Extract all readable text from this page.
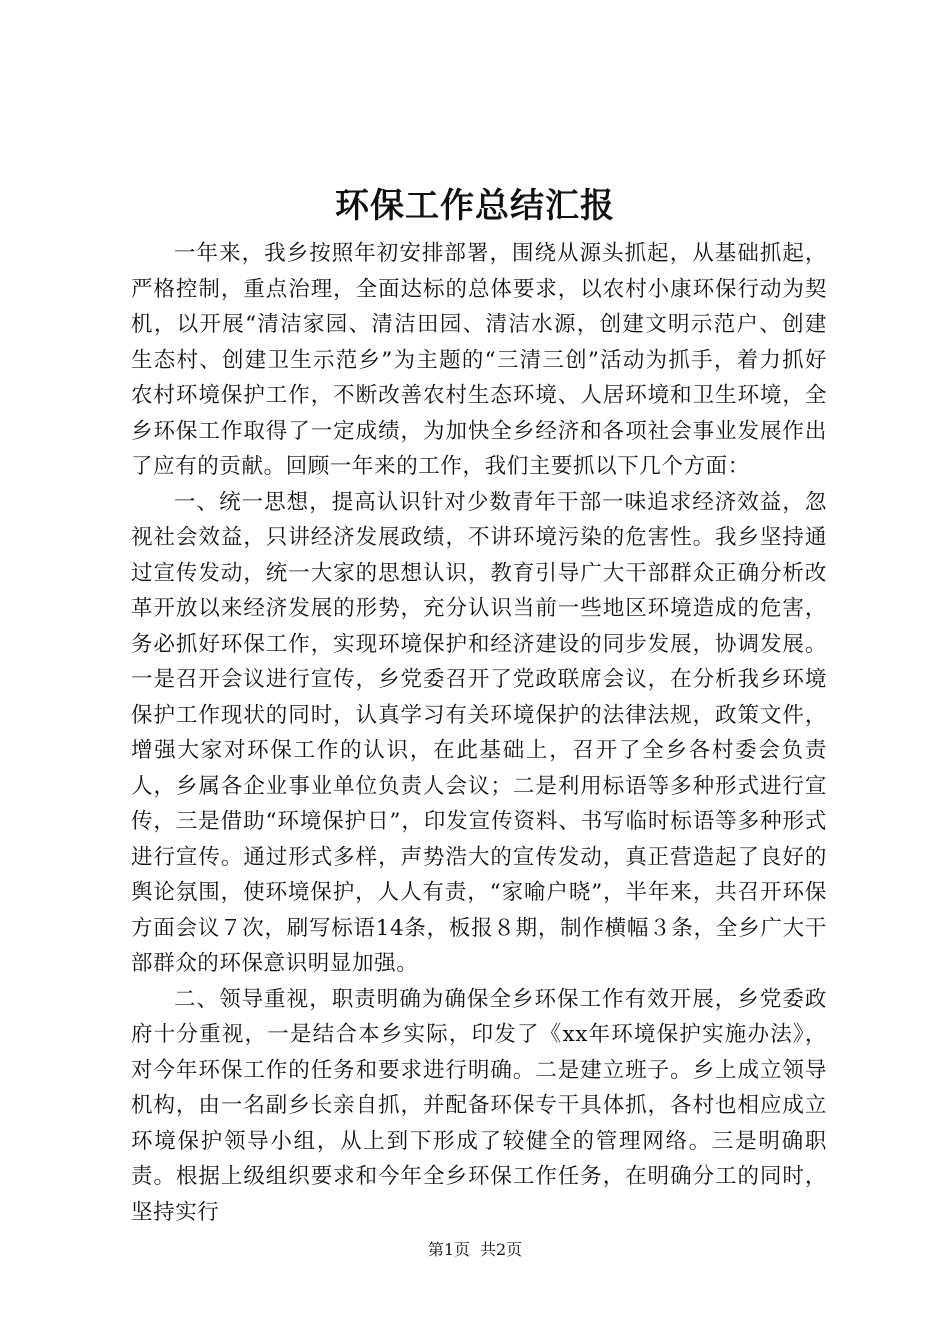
环保工作总结汇报

一年来，我乡按照年初安排部署，围绕从源头抓起，从基础抓起，严格控制，重点治理，全面达标的总体要求，以农村小康环保行动为契机，以开展“清洁家园、清洁田园、清洁水源，创建文明示范户、创建生态村、创建卫生示范乡”为主题的“三清三创”活动为抓手，着力抓好农村环境保护工作，不断改善农村生态环境、人居环境和卫生环境，全乡环保工作取得了一定成绩，为加快全乡经济和各项社会事业发展作出了应有的贡献。回顾一年来的工作，我们主要抓以下几个方面：

一、统一思想，提高认识针对少数青年干部一味追求经济效益，忽视社会效益，只讲经济发展政绩，不讲环境污染的危害性。我乡坚持通过宣传发动，统一大家的思想认识，教育引导广大干部群众正确分析改革开放以来经济发展的形势，充分认识当前一些地区环境造成的危害，务必抓好环保工作，实现环境保护和经济建设的同步发展，协调发展。一是召开会议进行宣传，乡党委召开了党政联席会议，在分析我乡环境保护工作现状的同时，认真学习有关环境保护的法律法规，政策文件，增强大家对环保工作的认识，在此基础上，召开了全乡各村委会负责人，乡属各企业事业单位负责人会议；二是利用标语等多种形式进行宣传，三是借助“环境保护日”，印发宣传资料、书写临时标语等多种形式进行宣传。通过形式多样，声势浩大的宣传发动，真正营造起了良好的舆论氛围，使环境保护，人人有责，“家喻户晓”，半年来，共召开环保方面会议７次，刷写标语14条，板报８期，制作横幅３条，全乡广大干部群众的环保意识明显加强。

二、领导重视，职责明确为确保全乡环保工作有效开展，乡党委政府十分重视，一是结合本乡实际，印发了《xx年环境保护实施办法》，对今年环保工作的任务和要求进行明确。二是建立班子。乡上成立领导机构，由一名副乡长亲自抓，并配备环保专干具体抓，各村也相应成立环境保护领导小组，从上到下形成了较健全的管理网络。三是明确职责。根据上级组织要求和今年全乡环保工作任务，在明确分工的同时，坚持实行

第1页 共2页
